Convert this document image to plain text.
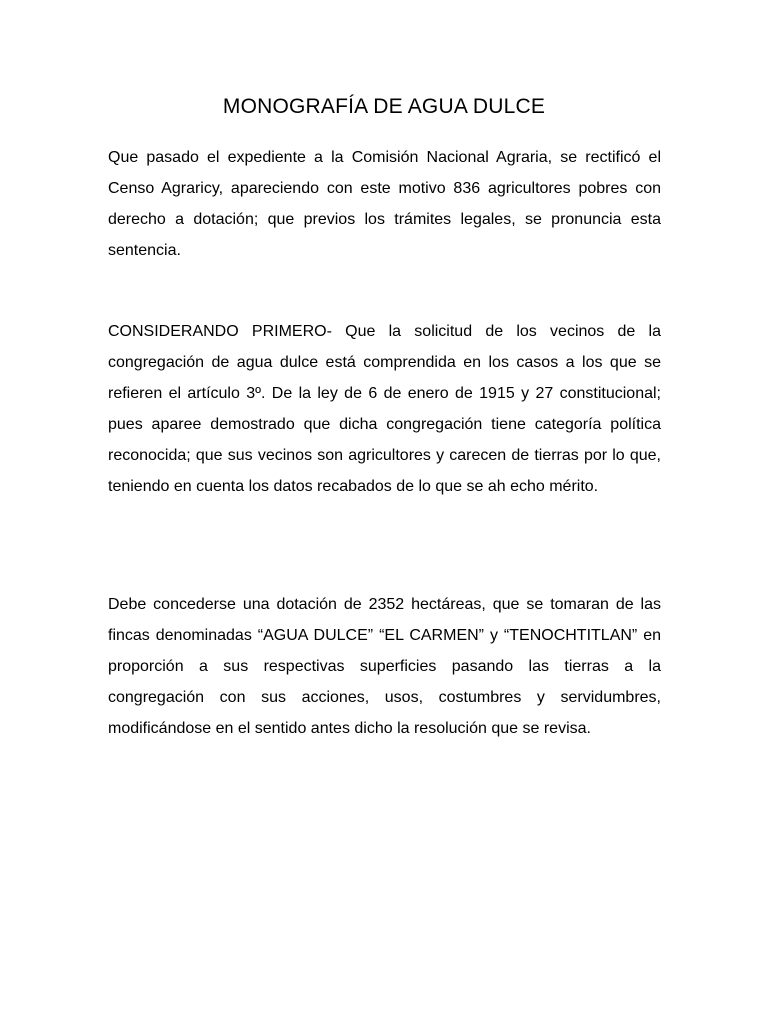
MONOGRAFÍA DE AGUA DULCE

Que pasado el expediente a la Comisión Nacional Agraria, se rectificó el Censo Agraricy, apareciendo con este motivo 836 agricultores pobres con derecho a dotación; que previos los trámites legales, se pronuncia esta sentencia.

CONSIDERANDO PRIMERO- Que la solicitud de los vecinos de la congregación de agua dulce está comprendida en los casos a los que se refieren el artículo 3º. De la ley de 6 de enero de 1915 y 27 constitucional; pues aparee demostrado que dicha congregación tiene categoría política reconocida; que sus vecinos son agricultores y carecen de tierras por lo que, teniendo en cuenta los datos recabados de lo que se ah echo mérito.

Debe concederse una dotación de 2352 hectáreas, que se tomaran de las fincas denominadas “AGUA DULCE” “EL CARMEN” y “TENOCHTITLAN” en proporción a sus respectivas superficies pasando las tierras a la congregación con sus acciones, usos, costumbres y servidumbres, modificándose en el sentido antes dicho la resolución que se revisa.
